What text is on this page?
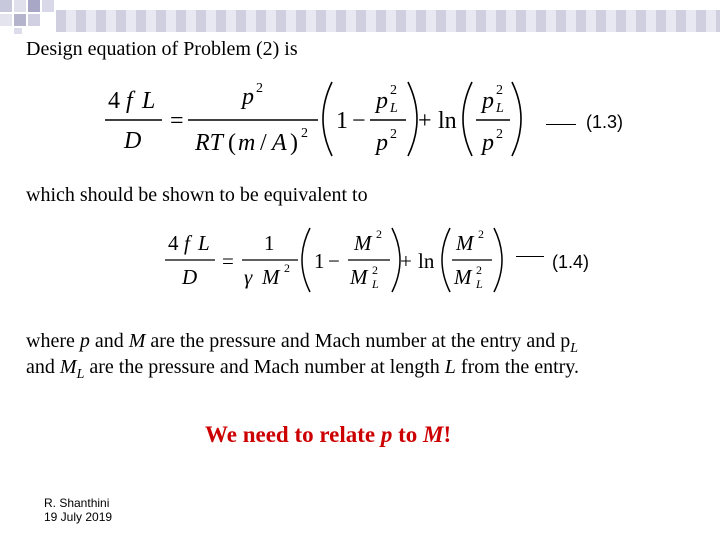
Design equation of Problem (2) is
4 f L
D
=
p 2
RT ( m / A ) 2 1 −
p 2
L
p 2
+ ln
p 2
L
p 2
(1.3)
which should be shown to be equivalent to
4 f L
D
=
1
γ M 2 1 −
M 2
M 2
L
+ ln
M 2
M 2
L
(1.4)
where p and M are the pressure and Mach number at the entry and $p_L$
and $M_L$ are the pressure and Mach number at length L from the entry.
We need to relate p to M!
R. Shanthini
19 July 2019
